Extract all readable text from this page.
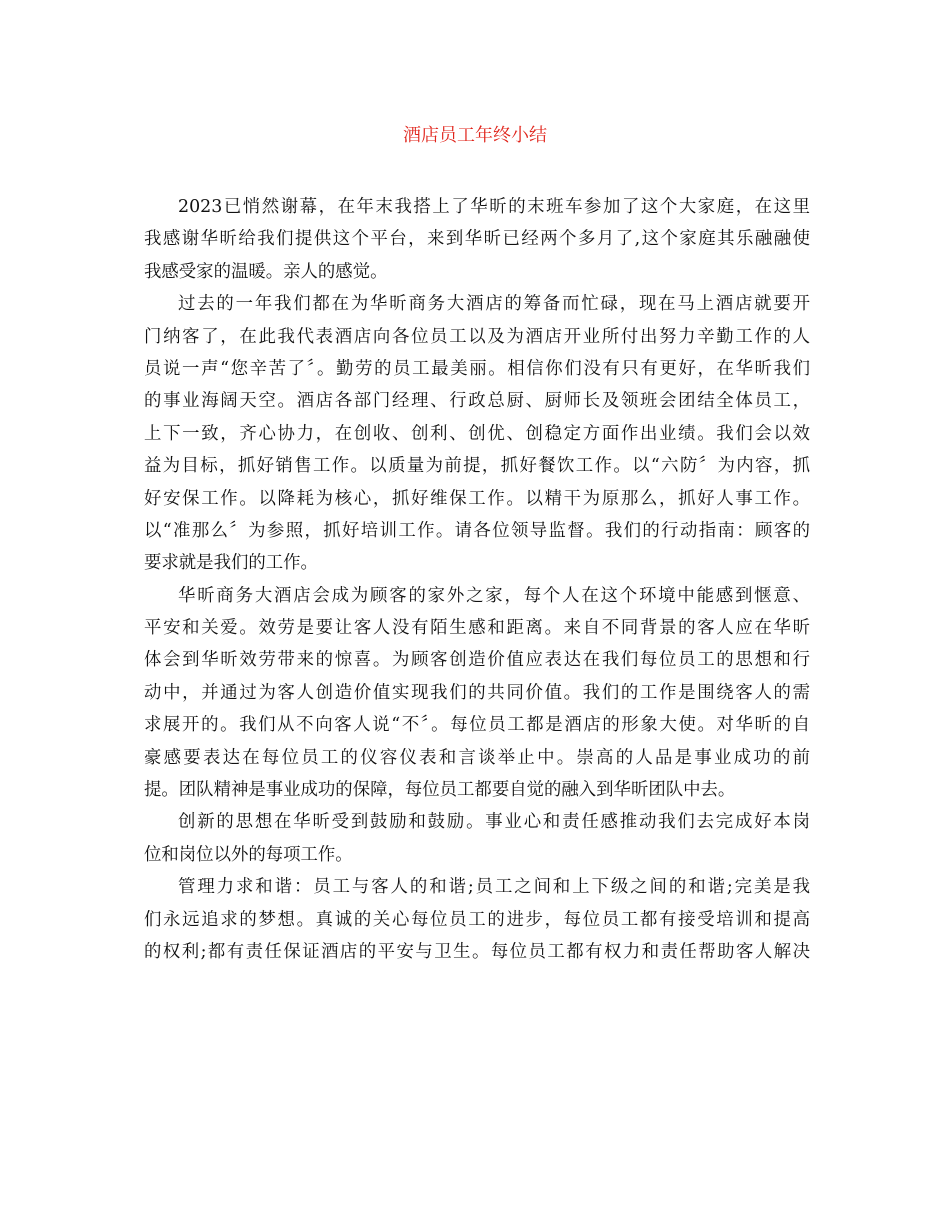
酒店员工年终小结
2023已悄然谢幕，在年末我搭上了华昕的末班车参加了这个大家庭，在这里
我感谢华昕给我们提供这个平台，来到华昕已经两个多月了,这个家庭其乐融融使
我感受家的温暖。亲人的感觉。
过去的一年我们都在为华昕商务大酒店的筹备而忙碌，现在马上酒店就要开
门纳客了，在此我代表酒店向各位员工以及为酒店开业所付出努力辛勤工作的人
员说一声“您辛苦了〞。勤劳的员工最美丽。相信你们没有只有更好，在华昕我们
的事业海阔天空。酒店各部门经理、行政总厨、厨师长及领班会团结全体员工，
上下一致，齐心协力，在创收、创利、创优、创稳定方面作出业绩。我们会以效
益为目标，抓好销售工作。以质量为前提，抓好餐饮工作。以“六防〞为内容，抓
好安保工作。以降耗为核心，抓好维保工作。以精干为原那么，抓好人事工作。
以“准那么〞为参照，抓好培训工作。请各位领导监督。我们的行动指南：顾客的
要求就是我们的工作。
华昕商务大酒店会成为顾客的家外之家，每个人在这个环境中能感到惬意、
平安和关爱。效劳是要让客人没有陌生感和距离。来自不同背景的客人应在华昕
体会到华昕效劳带来的惊喜。为顾客创造价值应表达在我们每位员工的思想和行
动中，并通过为客人创造价值实现我们的共同价值。我们的工作是围绕客人的需
求展开的。我们从不向客人说“不〞。每位员工都是酒店的形象大使。对华昕的自
豪感要表达在每位员工的仪容仪表和言谈举止中。崇高的人品是事业成功的前
提。团队精神是事业成功的保障，每位员工都要自觉的融入到华昕团队中去。
创新的思想在华昕受到鼓励和鼓励。事业心和责任感推动我们去完成好本岗
位和岗位以外的每项工作。
管理力求和谐：员工与客人的和谐;员工之间和上下级之间的和谐;完美是我
们永远追求的梦想。真诚的关心每位员工的进步，每位员工都有接受培训和提高
的权利;都有责任保证酒店的平安与卫生。每位员工都有权力和责任帮助客人解决
